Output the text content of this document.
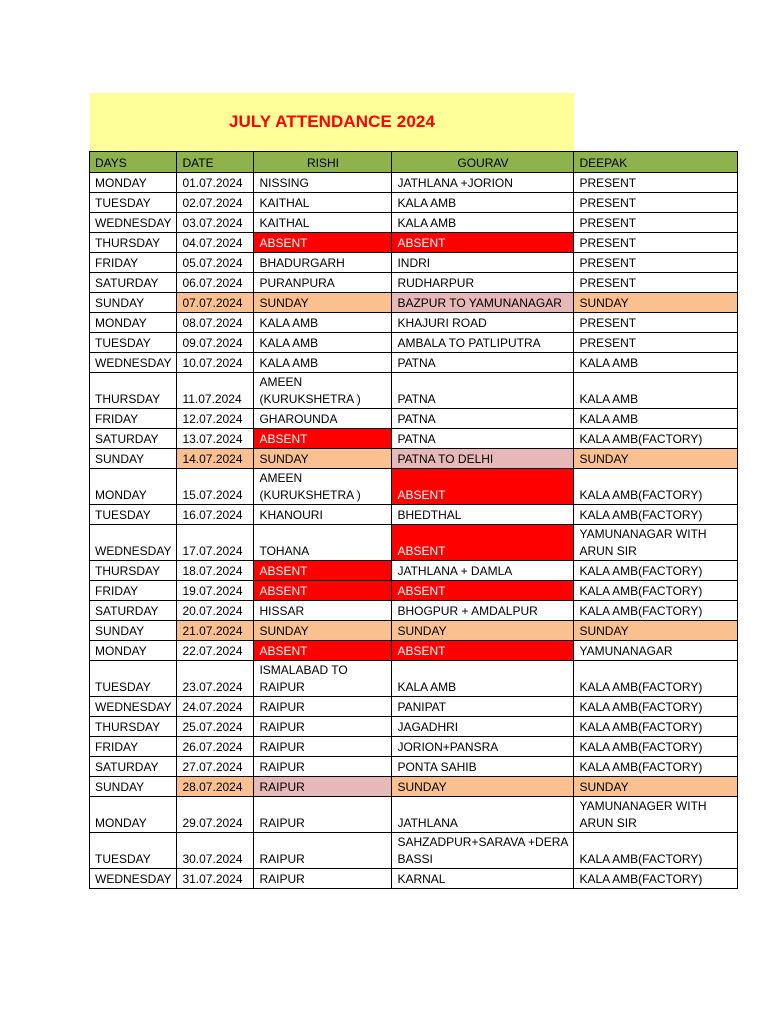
JULY ATTENDANCE 2024
DAYS	DATE	RISHI	GOURAV	DEEPAK
MONDAY	01.07.2024	NISSING	JATHLANA +JORION	PRESENT
TUESDAY	02.07.2024	KAITHAL	KALA AMB	PRESENT
WEDNESDAY	03.07.2024	KAITHAL	KALA AMB	PRESENT
THURSDAY	04.07.2024	ABSENT	ABSENT	PRESENT
FRIDAY	05.07.2024	BHADURGARH	INDRI	PRESENT
SATURDAY	06.07.2024	PURANPURA	RUDHARPUR	PRESENT
SUNDAY	07.07.2024	SUNDAY	BAZPUR TO YAMUNANAGAR	SUNDAY
MONDAY	08.07.2024	KALA AMB	KHAJURI ROAD	PRESENT
TUESDAY	09.07.2024	KALA AMB	AMBALA TO PATLIPUTRA	PRESENT
WEDNESDAY	10.07.2024	KALA AMB	PATNA	KALA AMB
THURSDAY	11.07.2024	AMEEN (KURUKSHETRA )	PATNA	KALA AMB
FRIDAY	12.07.2024	GHAROUNDA	PATNA	KALA AMB
SATURDAY	13.07.2024	ABSENT	PATNA	KALA AMB(FACTORY)
SUNDAY	14.07.2024	SUNDAY	PATNA TO DELHI	SUNDAY
MONDAY	15.07.2024	AMEEN (KURUKSHETRA )	ABSENT	KALA AMB(FACTORY)
TUESDAY	16.07.2024	KHANOURI	BHEDTHAL	KALA AMB(FACTORY)
WEDNESDAY	17.07.2024	TOHANA	ABSENT	YAMUNANAGAR WITH ARUN SIR
THURSDAY	18.07.2024	ABSENT	JATHLANA + DAMLA	KALA AMB(FACTORY)
FRIDAY	19.07.2024	ABSENT	ABSENT	KALA AMB(FACTORY)
SATURDAY	20.07.2024	HISSAR	BHOGPUR + AMDALPUR	KALA AMB(FACTORY)
SUNDAY	21.07.2024	SUNDAY	SUNDAY	SUNDAY
MONDAY	22.07.2024	ABSENT	ABSENT	YAMUNANAGAR
TUESDAY	23.07.2024	ISMALABAD TO RAIPUR	KALA AMB	KALA AMB(FACTORY)
WEDNESDAY	24.07.2024	RAIPUR	PANIPAT	KALA AMB(FACTORY)
THURSDAY	25.07.2024	RAIPUR	JAGADHRI	KALA AMB(FACTORY)
FRIDAY	26.07.2024	RAIPUR	JORION+PANSRA	KALA AMB(FACTORY)
SATURDAY	27.07.2024	RAIPUR	PONTA SAHIB	KALA AMB(FACTORY)
SUNDAY	28.07.2024	RAIPUR	SUNDAY	SUNDAY
MONDAY	29.07.2024	RAIPUR	JATHLANA	YAMUNANAGER WITH ARUN SIR
TUESDAY	30.07.2024	RAIPUR	SAHZADPUR+SARAVA +DERA BASSI	KALA AMB(FACTORY)
WEDNESDAY	31.07.2024	RAIPUR	KARNAL	KALA AMB(FACTORY)
